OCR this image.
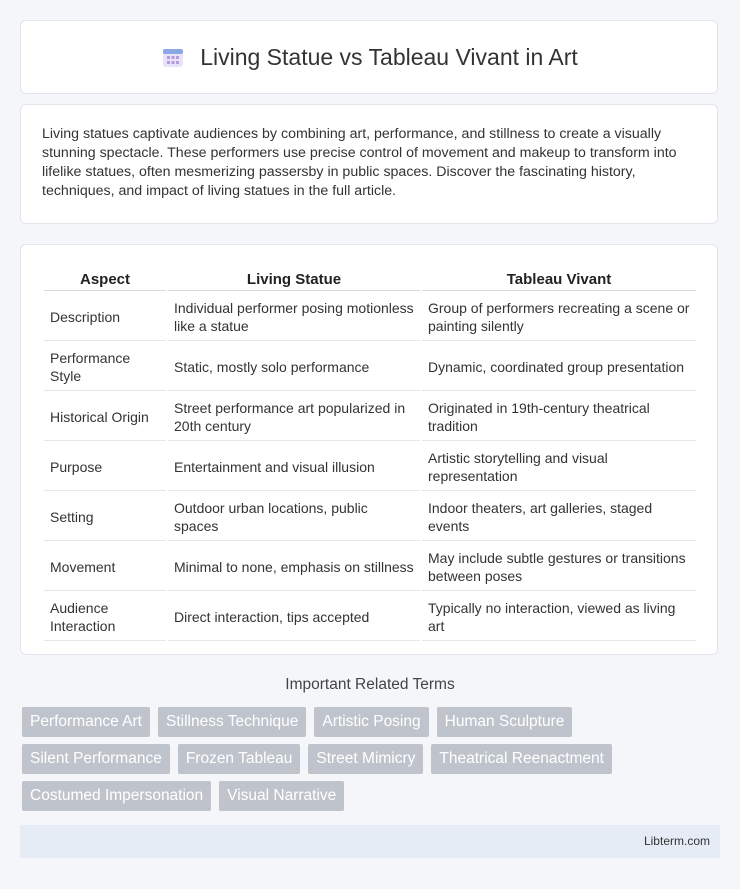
Living Statue vs Tableau Vivant in Art

Living statues captivate audiences by combining art, performance, and stillness to create a visually stunning spectacle. These performers use precise control of movement and makeup to transform into lifelike statues, often mesmerizing passersby in public spaces. Discover the fascinating history, techniques, and impact of living statues in the full article.

Aspect	Living Statue	Tableau Vivant
Description	Individual performer posing motionless like a statue	Group of performers recreating a scene or painting silently
Performance Style	Static, mostly solo performance	Dynamic, coordinated group presentation
Historical Origin	Street performance art popularized in 20th century	Originated in 19th-century theatrical tradition
Purpose	Entertainment and visual illusion	Artistic storytelling and visual representation
Setting	Outdoor urban locations, public spaces	Indoor theaters, art galleries, staged events
Movement	Minimal to none, emphasis on stillness	May include subtle gestures or transitions between poses
Audience Interaction	Direct interaction, tips accepted	Typically no interaction, viewed as living art
Important Related Terms
Performance Art	Stillness Technique	Artistic Posing	Human Sculpture
Silent Performance	Frozen Tableau	Street Mimicry	Theatrical Reenactment
Costumed Impersonation	Visual Narrative
Libterm.com
